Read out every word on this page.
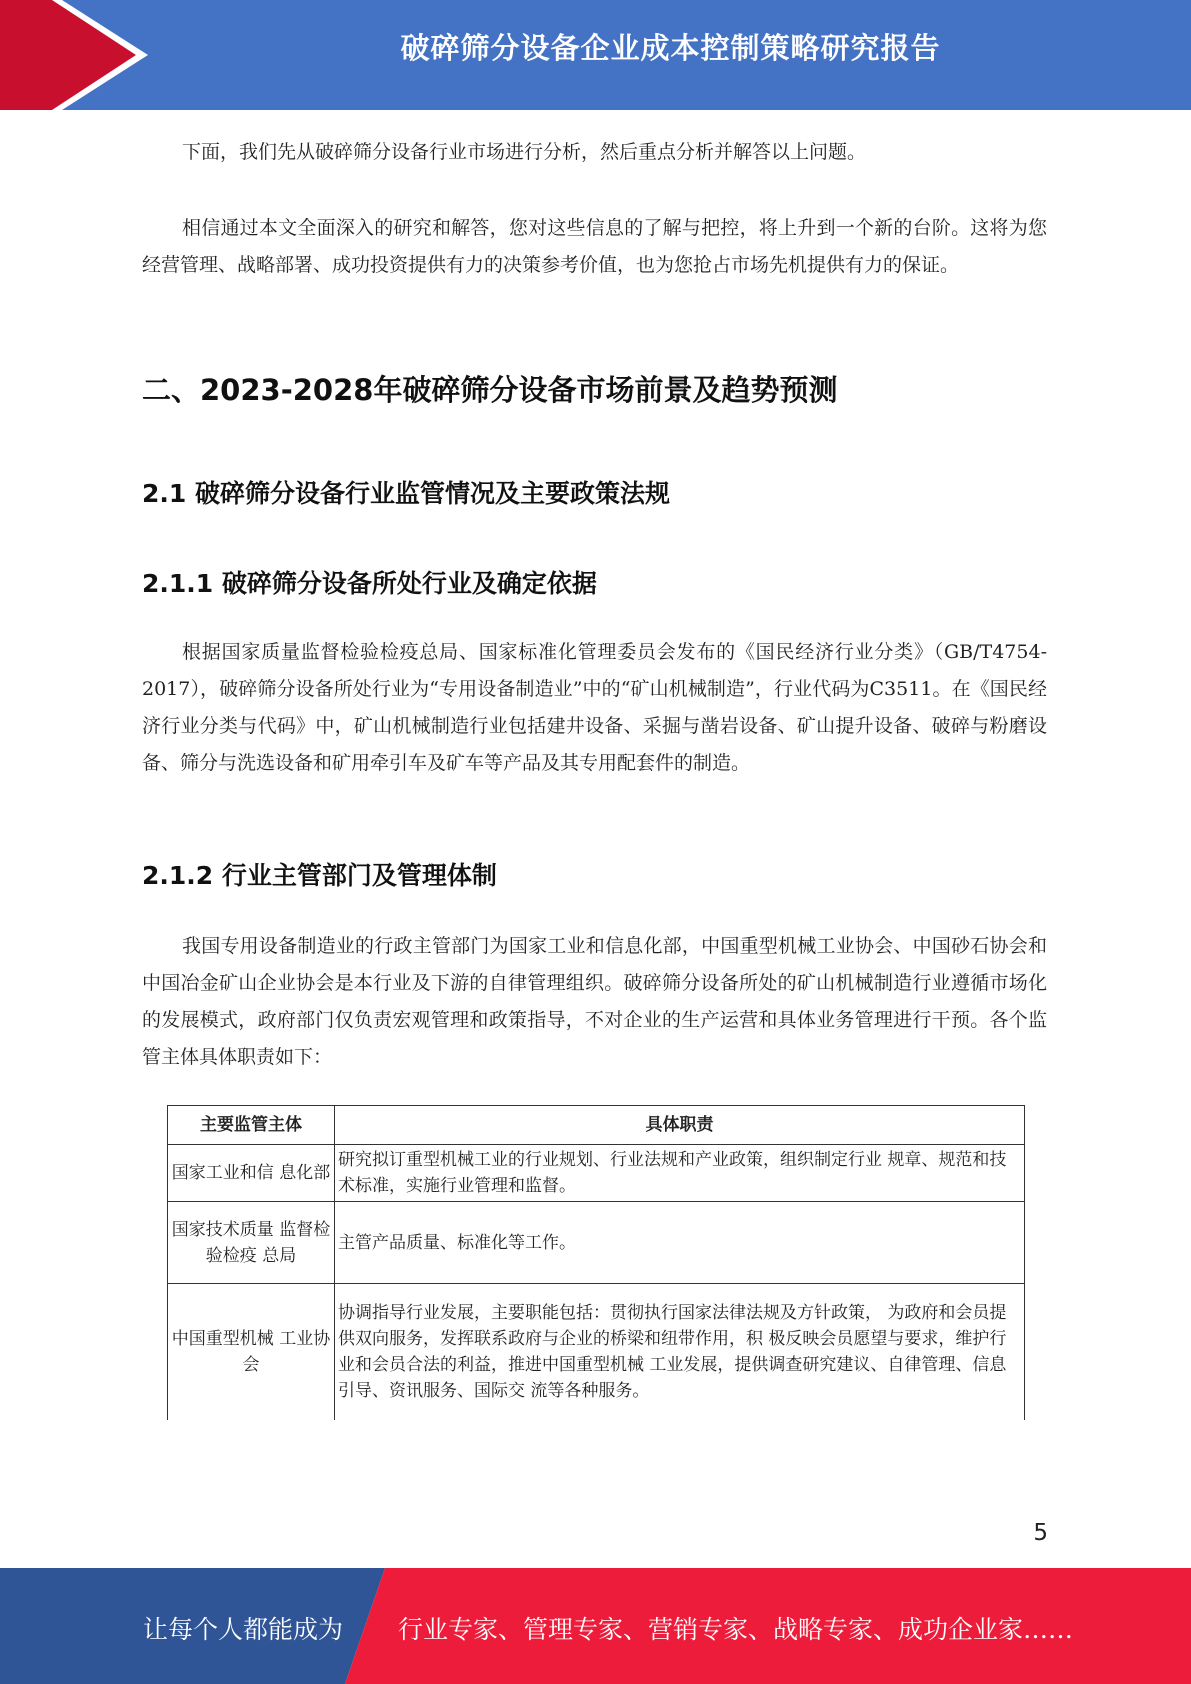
破碎筛分设备企业成本控制策略研究报告
下面，我们先从破碎筛分设备行业市场进行分析，然后重点分析并解答以上问题。
相信通过本文全面深入的研究和解答，您对这些信息的了解与把控，将上升到一个新的台阶。这将为您经营管理、战略部署、成功投资提供有力的决策参考价值，也为您抢占市场先机提供有力的保证。
二、2023-2028年破碎筛分设备市场前景及趋势预测
2.1 破碎筛分设备行业监管情况及主要政策法规
2.1.1 破碎筛分设备所处行业及确定依据
根据国家质量监督检验检疫总局、国家标准化管理委员会发布的《国民经济行业分类》（GB/T4754-2017），破碎筛分设备所处行业为“专用设备制造业”中的“矿山机械制造”，行业代码为C3511。在《国民经济行业分类与代码》中，矿山机械制造行业包括建井设备、采掘与凿岩设备、矿山提升设备、破碎与粉磨设备、筛分与洗选设备和矿用牵引车及矿车等产品及其专用配套件的制造。
2.1.2 行业主管部门及管理体制
我国专用设备制造业的行政主管部门为国家工业和信息化部，中国重型机械工业协会、中国砂石协会和中国冶金矿山企业协会是本行业及下游的自律管理组织。破碎筛分设备所处的矿山机械制造行业遵循市场化的发展模式，政府部门仅负责宏观管理和政策指导，不对企业的生产运营和具体业务管理进行干预。各个监管主体具体职责如下：
主要监管主体	具体职责
国家工业和信 息化部	研究拟订重型机械工业的行业规划、行业法规和产业政策，组织制定行业 规章、规范和技术标准，实施行业管理和监督。
国家技术质量 监督检验检疫 总局	主管产品质量、标准化等工作。
中国重型机械 工业协会	协调指导行业发展，主要职能包括：贯彻执行国家法律法规及方针政策， 为政府和会员提供双向服务，发挥联系政府与企业的桥梁和纽带作用，积 极反映会员愿望与要求，维护行业和会员合法的利益，推进中国重型机械 工业发展，提供调查研究建议、自律管理、信息引导、资讯服务、国际交 流等各种服务。
5
让每个人都能成为 行业专家、管理专家、营销专家、战略专家、成功企业家……
